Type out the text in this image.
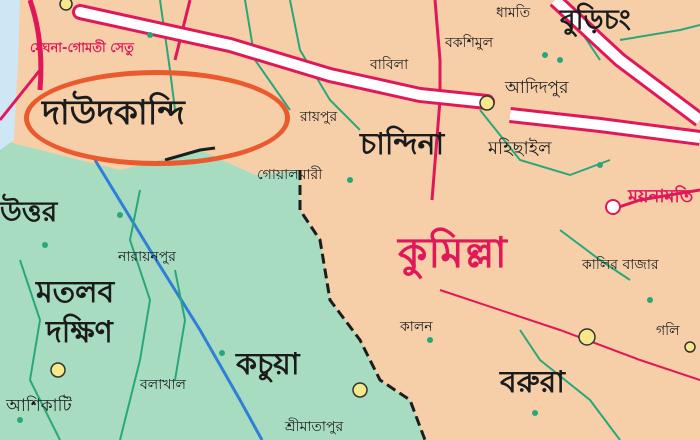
মেঘনা-গোমতী সেতু
দাউদকান্দি
কুমিল্লা
বুড়িচং
ধামতি
বকশিমুল
বাবিলা
আদিদপুর
রায়পুর
চান্দিনা মহিছাইল
গোয়ালমারী
উত্তর
নারায়নপুর
মতলব
দক্ষিণ
কচুয়া
বলাখাল
আশিকাটি
ময়নামতি
কালির বাজার
কালন
বরুরা
গলি
শ্রীমাতাপুর
